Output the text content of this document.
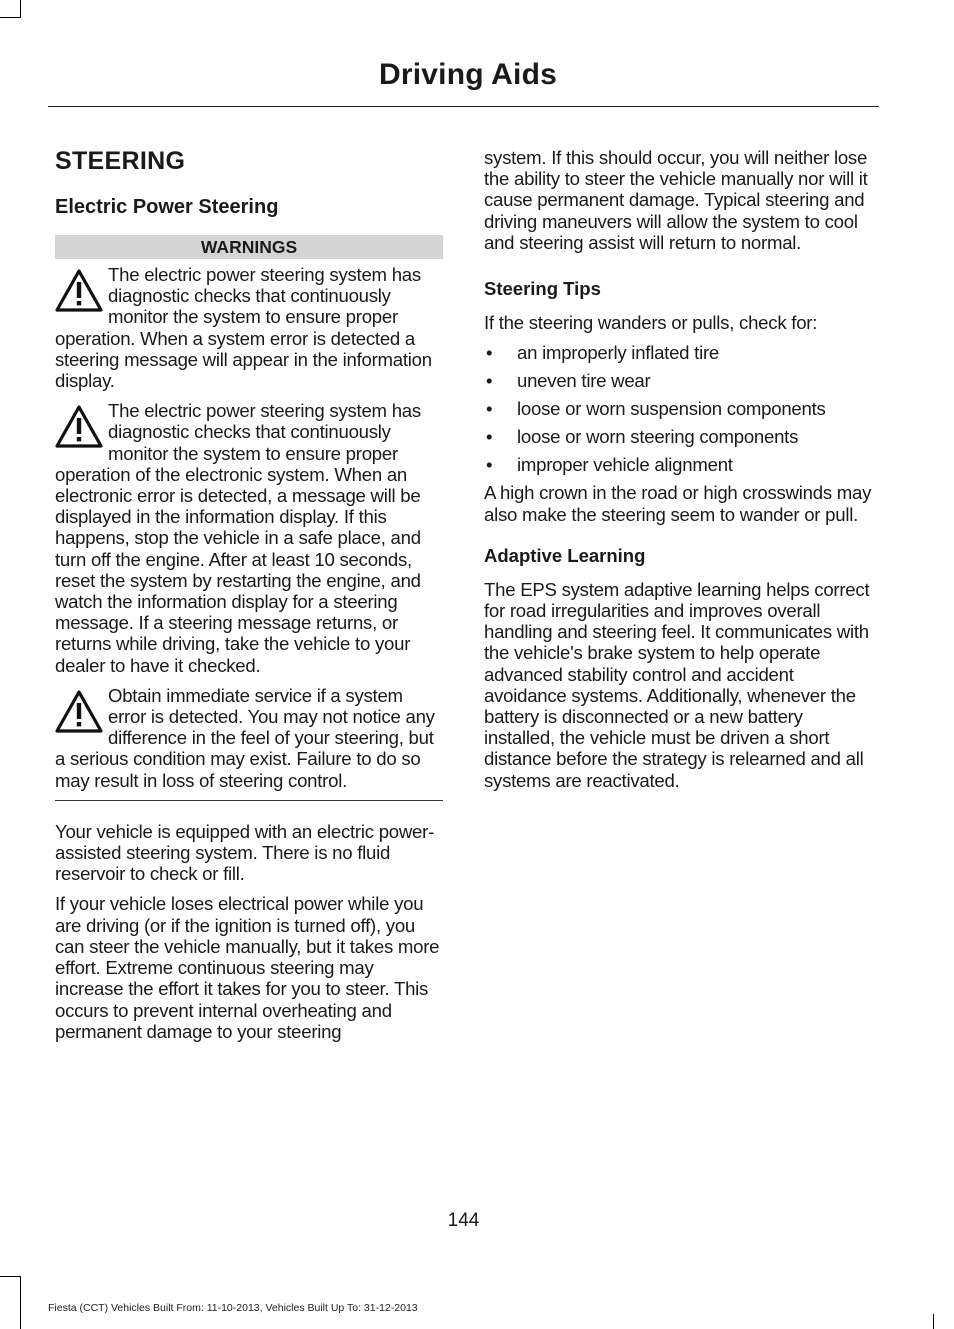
Driving Aids
STEERING
Electric Power Steering
WARNINGS

The electric power steering system has diagnostic checks that continuously monitor the system to ensure proper operation. When a system error is detected a steering message will appear in the information display.

The electric power steering system has diagnostic checks that continuously monitor the system to ensure proper operation of the electronic system. When an electronic error is detected, a message will be displayed in the information display. If this happens, stop the vehicle in a safe place, and turn off the engine. After at least 10 seconds, reset the system by restarting the engine, and watch the information display for a steering message. If a steering message returns, or returns while driving, take the vehicle to your dealer to have it checked.

Obtain immediate service if a system error is detected. You may not notice any difference in the feel of your steering, but a serious condition may exist. Failure to do so may result in loss of steering control.

Your vehicle is equipped with an electric power-assisted steering system. There is no fluid reservoir to check or fill.

If your vehicle loses electrical power while you are driving (or if the ignition is turned off), you can steer the vehicle manually, but it takes more effort. Extreme continuous steering may increase the effort it takes for you to steer. This occurs to prevent internal overheating and permanent damage to your steering

system. If this should occur, you will neither lose the ability to steer the vehicle manually nor will it cause permanent damage. Typical steering and driving maneuvers will allow the system to cool and steering assist will return to normal.

Steering Tips

If the steering wanders or pulls, check for:

• an improperly inflated tire
• uneven tire wear
• loose or worn suspension components
• loose or worn steering components
• improper vehicle alignment

A high crown in the road or high crosswinds may also make the steering seem to wander or pull.

Adaptive Learning

The EPS system adaptive learning helps correct for road irregularities and improves overall handling and steering feel. It communicates with the vehicle's brake system to help operate advanced stability control and accident avoidance systems. Additionally, whenever the battery is disconnected or a new battery installed, the vehicle must be driven a short distance before the strategy is relearned and all systems are reactivated.

144
Fiesta (CCT) Vehicles Built From: 11-10-2013, Vehicles Built Up To: 31-12-2013
